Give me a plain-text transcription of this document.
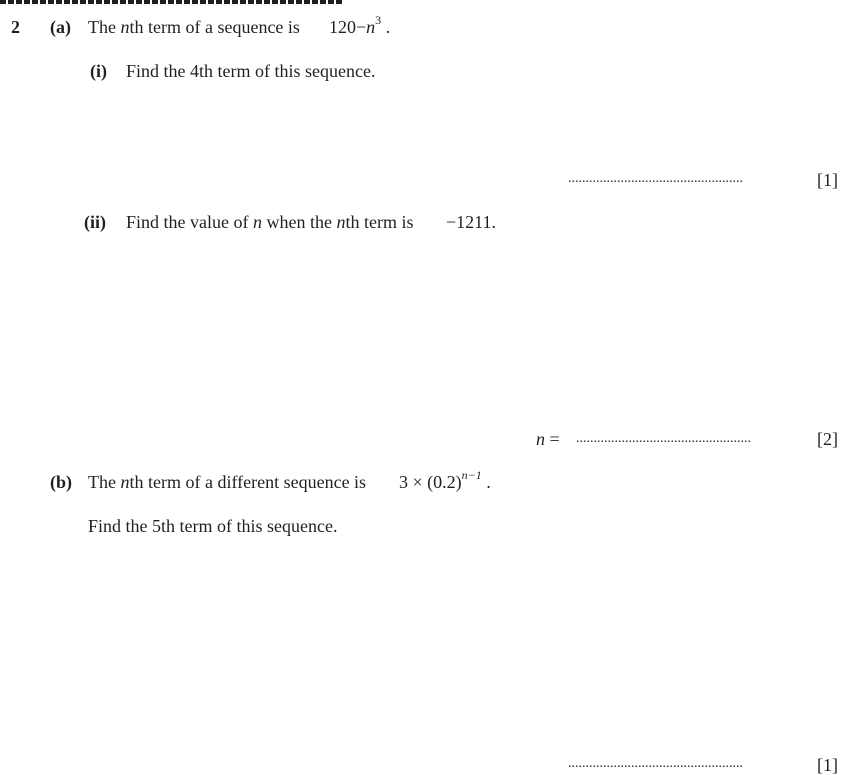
2 (a) The nth term of a sequence is $120-n^3$ .
(i) Find the 4th term of this sequence.
..................................................	[1]
(ii) Find the value of n when the nth term is −1211.
n = ..................................................	[2]
(b) The nth term of a different sequence is $3 \times (0.2)^{n-1}$ .
Find the 5th term of this sequence.
..................................................	[1]
